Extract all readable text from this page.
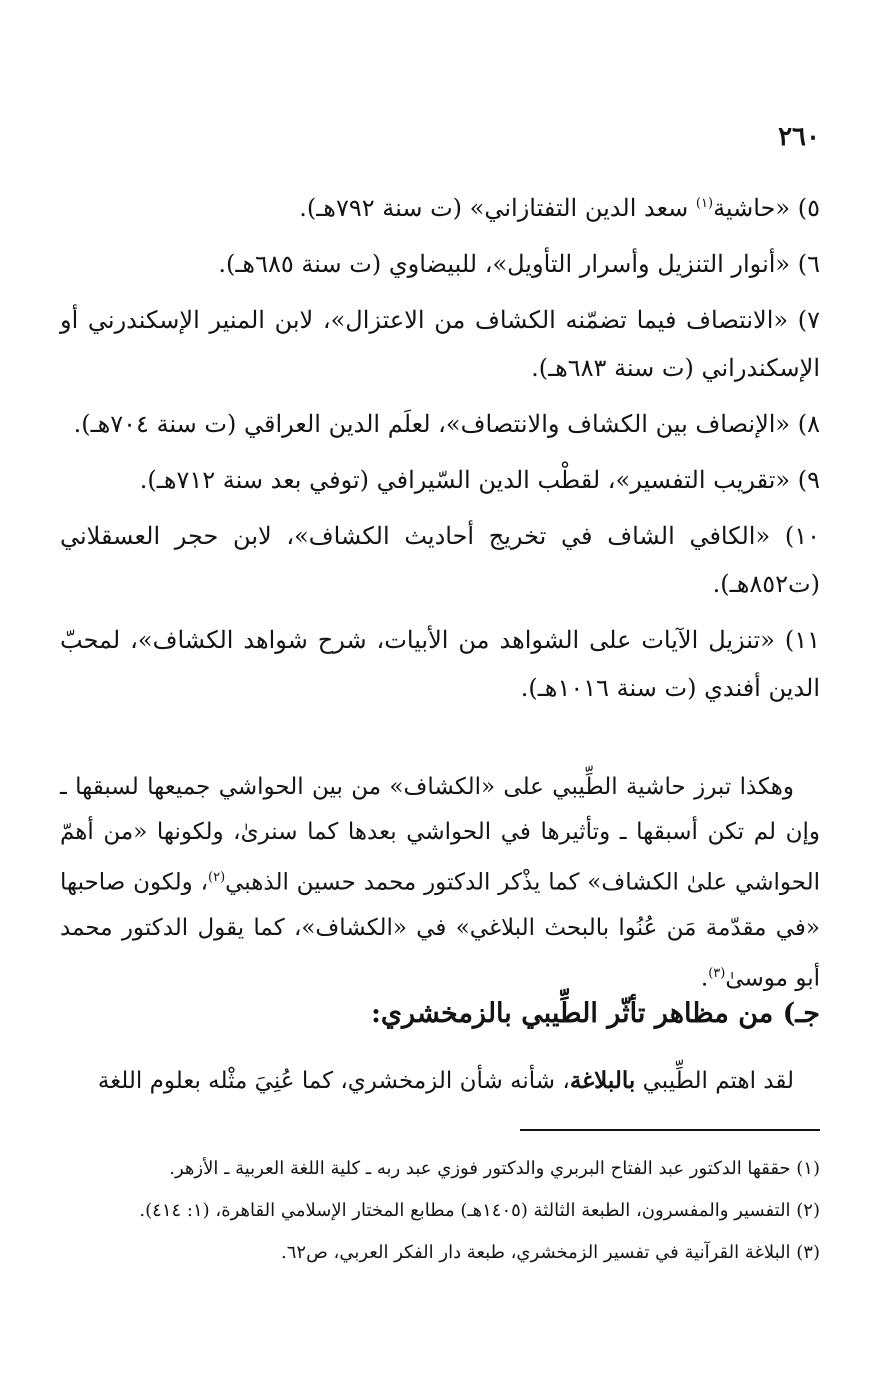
٢٦٠

٥) «حاشية$^{(١)}$ سعد الدين التفتازاني» (ت سنة ٧٩٢هـ).

٦) «أنوار التنزيل وأسرار التأويل»، للبيضاوي (ت سنة ٦٨٥هـ).

٧) «الانتصاف فيما تضمّنه الكشاف من الاعتزال»، لابن المنير الإسكندرني أو الإسكندراني (ت سنة ٦٨٣هـ).

٨) «الإنصاف بين الكشاف والانتصاف»، لعلَم الدين العراقي (ت سنة ٧٠٤هـ).

٩) «تقريب التفسير»، لقطْب الدين السّيرافي (توفي بعد سنة ٧١٢هـ).

١٠) «الكافي الشاف في تخريج أحاديث الكشاف»، لابن حجر العسقلاني (ت٨٥٢هـ).

١١) «تنزيل الآيات على الشواهد من الأبيات، شرح شواهد الكشاف»، لمحبّ الدين أفندي (ت سنة ١٠١٦هـ).

وهكذا تبرز حاشية الطِّيبي على «الكشاف» من بين الحواشي جميعها لسبقها ـ وإن لم تكن أسبقها ـ وتأثيرها في الحواشي بعدها كما سنرىٰ، ولكونها «من أهمّ الحواشي علىٰ الكشاف» كما يذْكر الدكتور محمد حسين الذهبي$^{(٢)}$، ولكون صاحبها «في مقدّمة مَن عُنُوا بالبحث البلاغي» في «الكشاف»، كما يقول الدكتور محمد أبو موسىٰ$^{(٣)}$.

جـ) من مظاهر تأثّر الطِّيبي بالزمخشري:

لقد اهتم الطِّيبي بالبلاغة، شأنه شأن الزمخشري، كما عُنِيَ مثْله بعلوم اللغة

(١) حققها الدكتور عبد الفتاح البربري والدكتور فوزي عبد ربه ـ كلية اللغة العربية ـ الأزهر.

(٢) التفسير والمفسرون، الطبعة الثالثة (١٤٠٥هـ) مطابع المختار الإسلامي القاهرة، (١: ٤١٤).

(٣) البلاغة القرآنية في تفسير الزمخشري، طبعة دار الفكر العربي، ص٦٢.
